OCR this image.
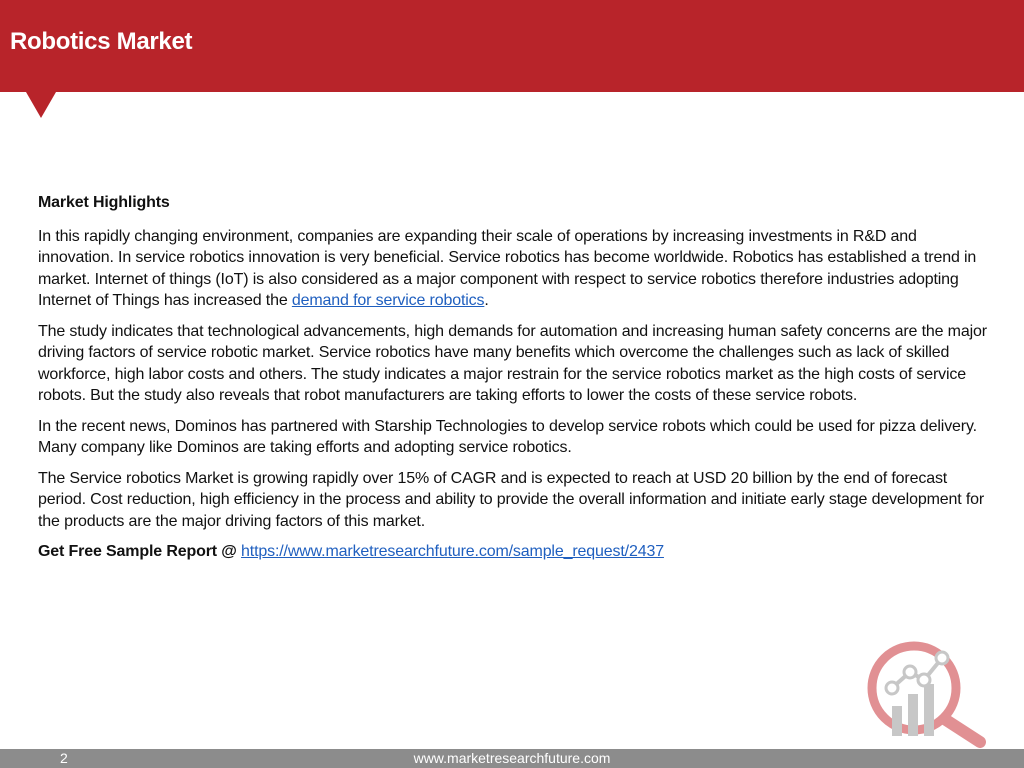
Robotics Market

Market Highlights

In this rapidly changing environment, companies are expanding their scale of operations by increasing investments in R&D and innovation. In service robotics innovation is very beneficial. Service robotics has become worldwide. Robotics has established a trend in market. Internet of things (IoT) is also considered as a major component with respect to service robotics therefore industries adopting Internet of Things has increased the demand for service robotics.

The study indicates that technological advancements, high demands for automation and increasing human safety concerns are the major driving factors of service robotic market. Service robotics have many benefits which overcome the challenges such as lack of skilled workforce, high labor costs and others. The study indicates a major restrain for the service robotics market as the high costs of service robots. But the study also reveals that robot manufacturers are taking efforts to lower the costs of these service robots.

In the recent news, Dominos has partnered with Starship Technologies to develop service robots which could be used for pizza delivery. Many company like Dominos are taking efforts and adopting service robotics.

The Service robotics Market is growing rapidly over 15% of CAGR and is expected to reach at USD 20 billion by the end of forecast period. Cost reduction, high efficiency in the process and ability to provide the overall information and initiate early stage development for the products are the major driving factors of this market.

Get Free Sample Report @ https://www.marketresearchfuture.com/sample_request/2437

2	www.marketresearchfuture.com
